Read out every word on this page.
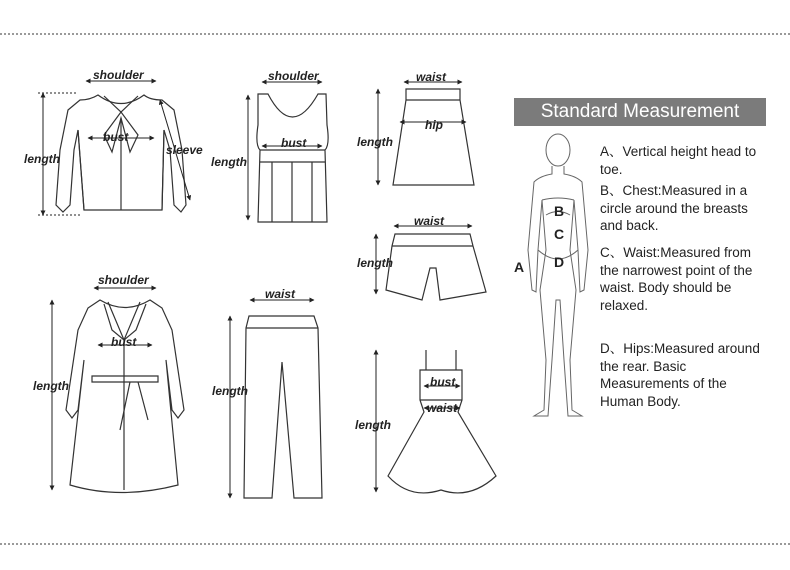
shoulder
bust
sleeve
length
shoulder
bust
length
waist
hip
length
waist
length
shoulder
bust
length
waist
length
bust
waist
length
Standard Measurement
A
B
C
D
A、Vertical height head to toe.
B、Chest:Measured in a circle around the breasts and back.
C、Waist:Measured from the narrowest point of the waist. Body should be relaxed.
D、Hips:Measured around the rear. Basic Measurements of the Human Body.
